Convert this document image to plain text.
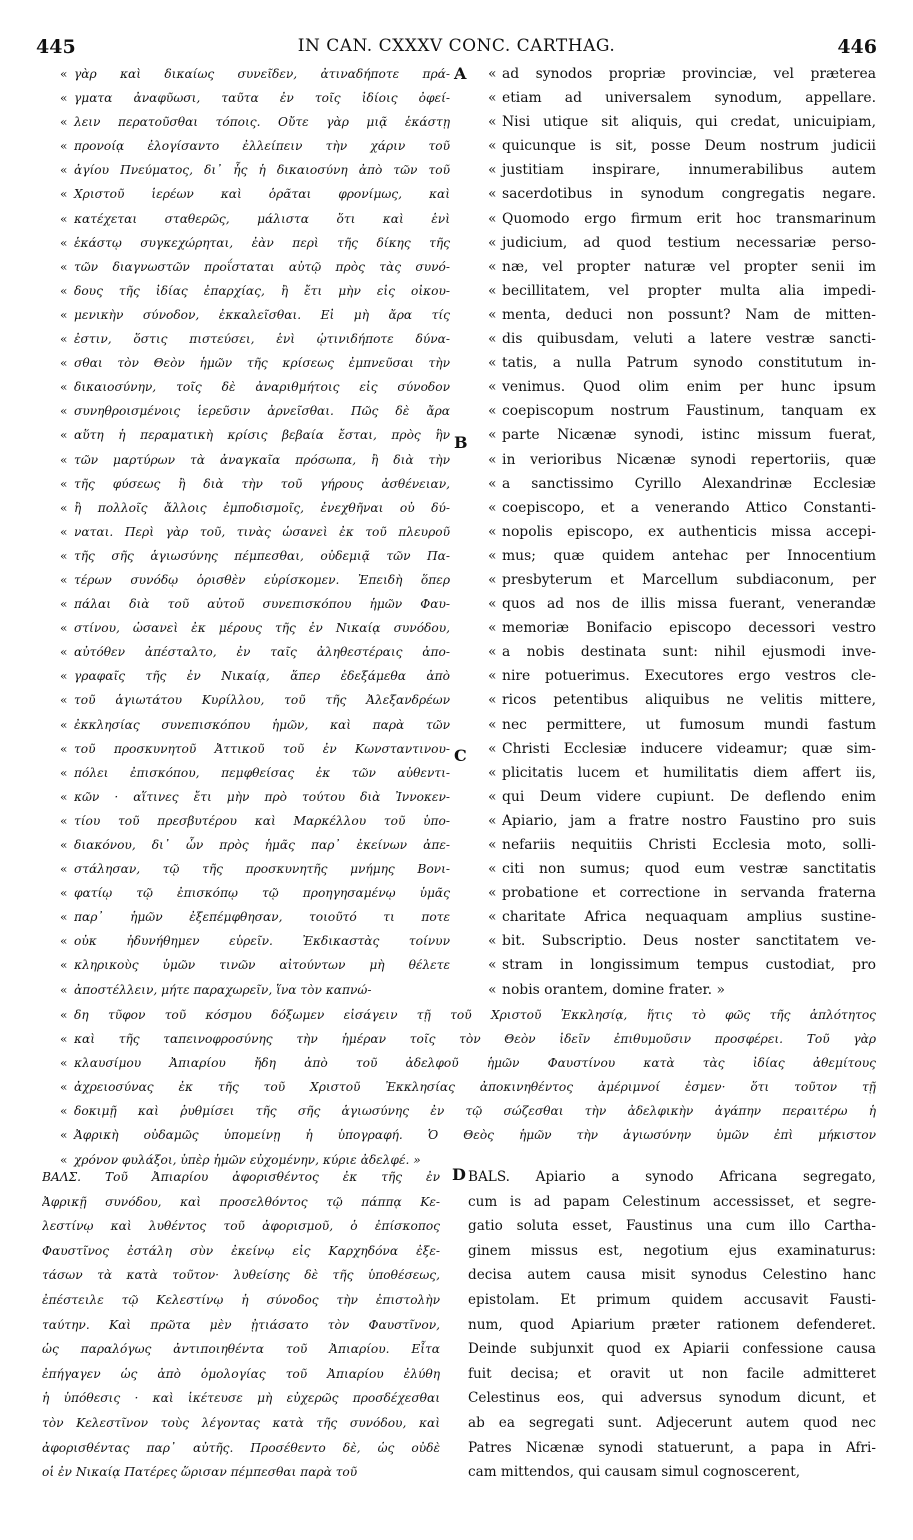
445	IN CAN. CXXXV CONC. CARTHAG.	446
« γὰρ καὶ δικαίως συνεῖδεν, ἀτιναδήποτε πρά-
« γματα ἀναφῦωσι, ταῦτα ἐν τοῖς ἰδίοις ὀφεί-
« λειν περατοῦσθαι τόποις. Οὔτε γὰρ μιᾷ ἑκάστῃ
« προνοίᾳ ἐλογίσαντο ἐλλείπειν τὴν χάριν τοῦ
« ἁγίου Πνεύματος, δι᾽ ἧς ἡ δικαιοσύνη ἀπὸ τῶν τοῦ
« Χριστοῦ ἱερέων καὶ ὁρᾶται φρονίμως, καὶ
« κατέχεται σταθερῶς, μάλιστα ὅτι καὶ ἑνὶ
« ἑκάστῳ συγκεχώρηται, ἐὰν περὶ τῆς δίκης τῆς
« τῶν διαγνωστῶν προΐσταται αὐτῷ πρὸς τὰς συνό-
« δους τῆς ἰδίας ἐπαρχίας, ἢ ἔτι μὴν εἰς οἰκου-
« μενικὴν σύνοδον, ἐκκαλεῖσθαι. Εἰ μὴ ἄρα τίς
« ἐστιν, ὅστις πιστεύσει, ἑνὶ ᾡτινιδήποτε δύνα-
« σθαι τὸν Θεὸν ἡμῶν τῆς κρίσεως ἐμπνεῦσαι τὴν
« δικαιοσύνην, τοῖς δὲ ἀναριθμήτοις εἰς σύνοδον
« συνηθροισμένοις ἱερεῦσιν ἀρνεῖσθαι. Πῶς δὲ ἄρα
« αὕτη ἡ περαματικὴ κρίσις βεβαία ἔσται, πρὸς ἣν
« τῶν μαρτύρων τὰ ἀναγκαῖα πρόσωπα, ἢ διὰ τὴν
« τῆς φύσεως ἢ διὰ τὴν τοῦ γήρους ἀσθένειαν,
« ἢ πολλοῖς ἄλλοις ἐμποδισμοῖς, ἐνεχθῆναι οὐ δύ-
« ναται. Περὶ γὰρ τοῦ, τινὰς ὡσανεὶ ἐκ τοῦ πλευροῦ
« τῆς σῆς ἁγιωσύνης πέμπεσθαι, οὐδεμιᾷ τῶν Πα-
« τέρων συνόδῳ ὁρισθὲν εὑρίσκομεν. Ἐπειδὴ ὅπερ
« πάλαι διὰ τοῦ αὐτοῦ συνεπισκόπου ἡμῶν Φαυ-
« στίνου, ὡσανεὶ ἐκ μέρους τῆς ἐν Νικαίᾳ συνόδου,
« αὐτόθεν ἀπέσταλτο, ἐν ταῖς ἀληθεστέραις ἀπο-
« γραφαῖς τῆς ἐν Νικαίᾳ, ἅπερ ἐδεξάμεθα ἀπὸ
« τοῦ ἁγιωτάτου Κυρίλλου, τοῦ τῆς Ἀλεξανδρέων
« ἐκκλησίας συνεπισκόπου ἡμῶν, καὶ παρὰ τῶν
« τοῦ προσκυνητοῦ Ἀττικοῦ τοῦ ἐν Κωνσταντινου-
« πόλει ἐπισκόπου, πεμφθείσας ἐκ τῶν αὐθεντι-
« κῶν · αἵτινες ἔτι μὴν πρὸ τούτου διὰ Ἰννοκεν-
« τίου τοῦ πρεσβυτέρου καὶ Μαρκέλλου τοῦ ὑπο-
« διακόνου, δι᾽ ὧν πρὸς ἡμᾶς παρ᾽ ἐκείνων ἀπε-
« στάλησαν, τῷ τῆς προσκυνητῆς μνήμης Βονι-
« φατίῳ τῷ ἐπισκόπῳ τῷ προηγησαμένῳ ὑμᾶς
« παρ᾽ ἡμῶν ἐξεπέμφθησαν, τοιοῦτό τι ποτε
« οὐκ ἠδυνήθημεν εὑρεῖν. Ἐκδικαστὰς τοίνυν
« κληρικοὺς ὑμῶν τινῶν αἰτούντων μὴ θέλετε
« ἀποστέλλειν, μήτε παραχωρεῖν, ἵνα τὸν καπνώ-
« ad synodos propriæ provinciæ, vel præterea
« etiam ad universalem synodum, appellare.
« Nisi utique sit aliquis, qui credat, unicuipiam,
« quicunque is sit, posse Deum nostrum judicii
« justitiam inspirare, innumerabilibus autem
« sacerdotibus in synodum congregatis negare.
« Quomodo ergo firmum erit hoc transmarinum
« judicium, ad quod testium necessariæ perso-
« næ, vel propter naturæ vel propter senii im
« becillitatem, vel propter multa alia impedi-
« menta, deduci non possunt? Nam de mitten-
« dis quibusdam, veluti a latere vestræ sancti-
« tatis, a nulla Patrum synodo constitutum in-
« venimus. Quod olim enim per hunc ipsum
« coepiscopum nostrum Faustinum, tanquam ex
« parte Nicænæ synodi, istinc missum fuerat,
« in verioribus Nicænæ synodi repertoriis, quæ
« a sanctissimo Cyrillo Alexandrinæ Ecclesiæ
« coepiscopo, et a venerando Attico Constanti-
« nopolis episcopo, ex authenticis missa accepi-
« mus; quæ quidem antehac per Innocentium
« presbyterum et Marcellum subdiaconum, per
« quos ad nos de illis missa fuerant, venerandæ
« memoriæ Bonifacio episcopo decessori vestro
« a nobis destinata sunt: nihil ejusmodi inve-
« nire potuerimus. Executores ergo vestros cle-
« ricos petentibus aliquibus ne velitis mittere,
« nec permittere, ut fumosum mundi fastum
« Christi Ecclesiæ inducere videamur; quæ sim-
« plicitatis lucem et humilitatis diem affert iis,
« qui Deum videre cupiunt. De deflendo enim
« Apiario, jam a fratre nostro Faustino pro suis
« nefariis nequitiis Christi Ecclesia moto, solli-
« citi non sumus; quod eum vestræ sanctitatis
« probatione et correctione in servanda fraterna
« charitate Africa nequaquam amplius sustine-
« bit. Subscriptio. Deus noster sanctitatem ve-
« stram in longissimum tempus custodiat, pro
« nobis orantem, domine frater. »
A
B
C
D
« δη τῦφον τοῦ κόσμου δόξωμεν εἰσάγειν τῇ τοῦ Χριστοῦ Ἐκκλησίᾳ, ἥτις τὸ φῶς τῆς ἁπλότητος
« καὶ τῆς ταπεινοφροσύνης τὴν ἡμέραν τοῖς τὸν Θεὸν ἰδεῖν ἐπιθυμοῦσιν προσφέρει. Τοῦ γὰρ
« κλαυσίμου Ἀπιαρίου ἤδη ἀπὸ τοῦ ἀδελφοῦ ἡμῶν Φαυστίνου κατὰ τὰς ἰδίας ἀθεμίτους
« ἀχρειοσύνας ἐκ τῆς τοῦ Χριστοῦ Ἐκκλησίας ἀποκινηθέντος ἀμέριμνοί ἐσμεν· ὅτι τοῦτον τῇ
« δοκιμῇ καὶ ῥυθμίσει τῆς σῆς ἁγιωσύνης ἐν τῷ σώζεσθαι τὴν ἀδελφικὴν ἀγάπην περαιτέρω ἡ
« Ἀφρικὴ οὐδαμῶς ὑπομείνῃ ἡ ὑπογραφή. Ὁ Θεὸς ἡμῶν τὴν ἁγιωσύνην ὑμῶν ἐπὶ μήκιστον
« χρόνον φυλάξοι, ὑπὲρ ἡμῶν εὐχομένην, κύριε ἀδελφέ. »
ΒΑΛΣ. Τοῦ Ἀπιαρίου ἀφορισθέντος ἐκ τῆς ἐν
Ἀφρικῇ συνόδου, καὶ προσελθόντος τῷ πάππᾳ Κε-
λεστίνῳ καὶ λυθέντος τοῦ ἀφορισμοῦ, ὁ ἐπίσκοπος
Φαυστῖνος ἐστάλη σὺν ἐκείνῳ εἰς Καρχηδόνα ἐξε-
τάσων τὰ κατὰ τοῦτον· λυθείσης δὲ τῆς ὑποθέσεως,
ἐπέστειλε τῷ Κελεστίνῳ ἡ σύνοδος τὴν ἐπιστολὴν
ταύτην. Καὶ πρῶτα μὲν ᾐτιάσατο τὸν Φαυστῖνον,
ὡς παραλόγως ἀντιποιηθέντα τοῦ Ἀπιαρίου. Εἶτα
ἐπήγαγεν ὡς ἀπὸ ὁμολογίας τοῦ Ἀπιαρίου ἐλύθη
ἡ ὑπόθεσις · καὶ ἱκέτευσε μὴ εὐχερῶς προσδέχεσθαι
τὸν Κελεστῖνον τοὺς λέγοντας κατὰ τῆς συνόδου, καὶ
ἀφορισθέντας παρ᾽ αὐτῆς. Προσέθεντο δὲ, ὡς οὐδὲ
οἱ ἐν Νικαίᾳ Πατέρες ὥρισαν πέμπεσθαι παρὰ τοῦ
BALS. Apiario a synodo Africana segregato,
cum is ad papam Celestinum accessisset, et segre-
gatio soluta esset, Faustinus una cum illo Cartha-
ginem missus est, negotium ejus examinaturus:
decisa autem causa misit synodus Celestino hanc
epistolam. Et primum quidem accusavit Fausti-
num, quod Apiarium præter rationem defenderet.
Deinde subjunxit quod ex Apiarii confessione causa
fuit decisa; et oravit ut non facile admitteret
Celestinus eos, qui adversus synodum dicunt, et
ab ea segregati sunt. Adjecerunt autem quod nec
Patres Nicænæ synodi statuerunt, a papa in Afri-
cam mittendos, qui causam simul cognoscerent,
